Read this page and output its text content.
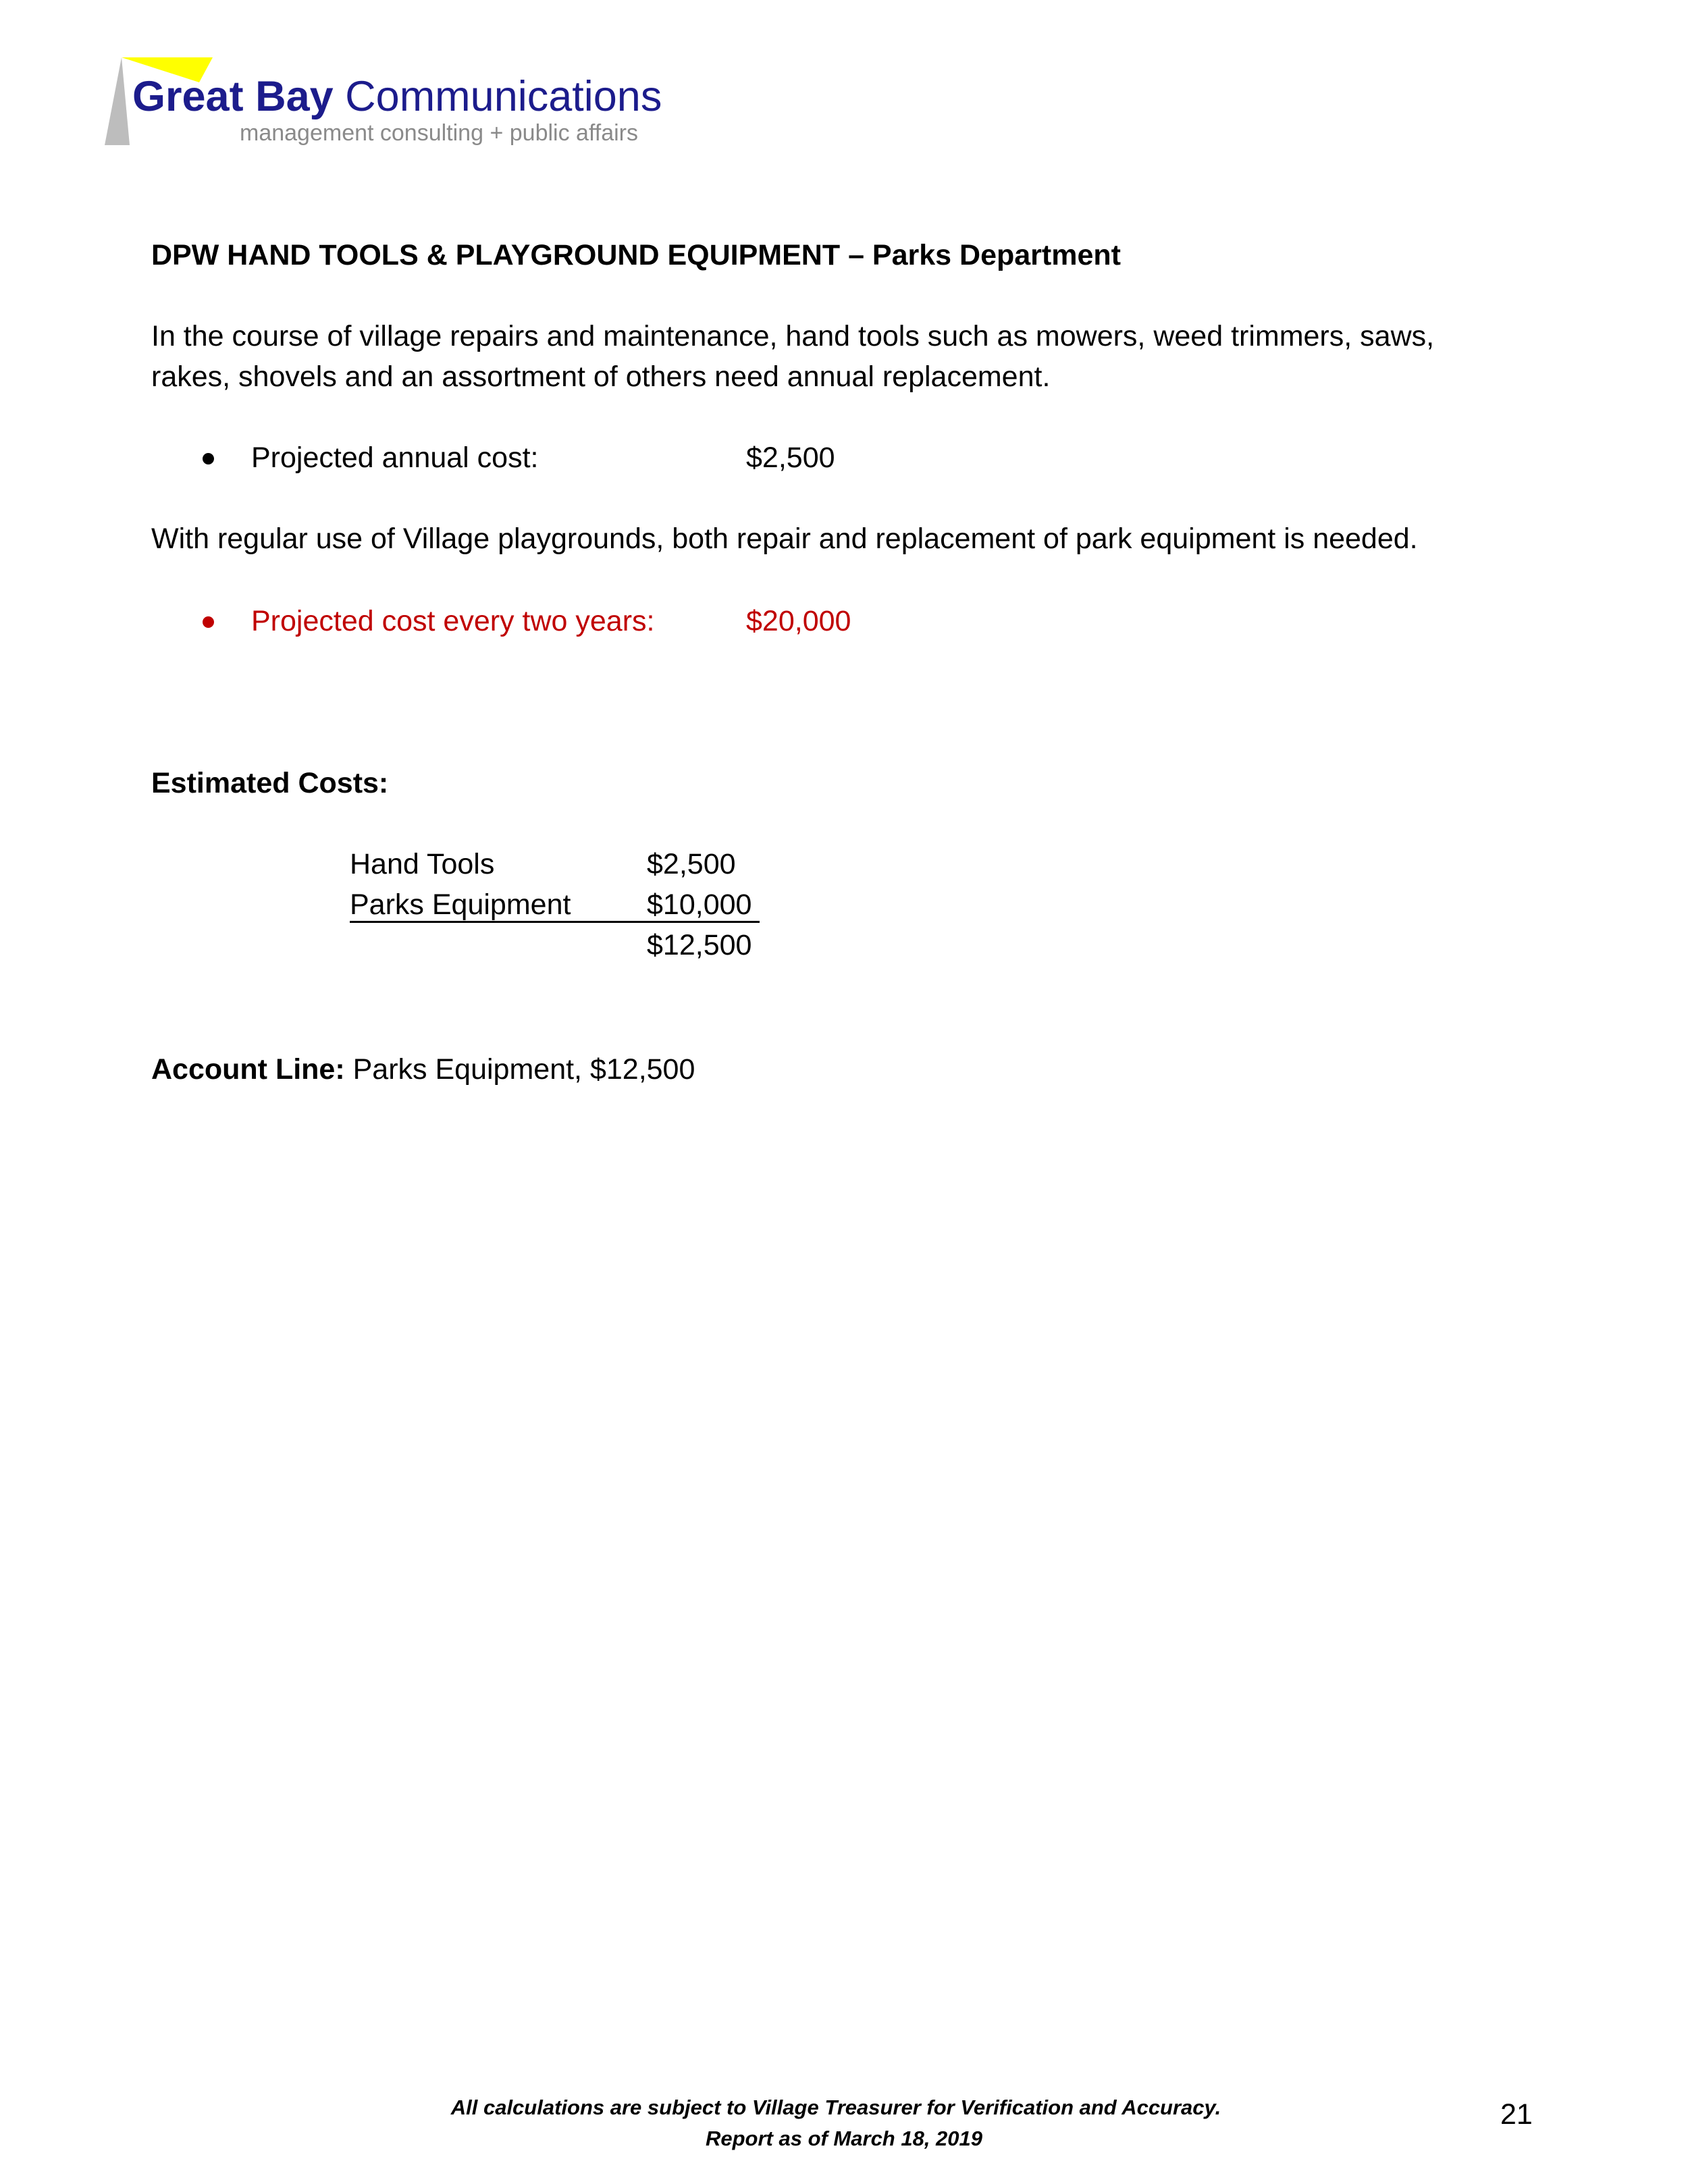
Great Bay Communications
management consulting + public affairs
DPW HAND TOOLS & PLAYGROUND EQUIPMENT – Parks Department
In the course of village repairs and maintenance, hand tools such as mowers, weed trimmers, saws,
rakes, shovels and an assortment of others need annual replacement.
Projected annual cost:	$2,500
With regular use of Village playgrounds, both repair and replacement of park equipment is needed.
Projected cost every two years:	$20,000
Estimated Costs:
Hand Tools	$2,500
Parks Equipment	$10,000
$12,500
Account Line: Parks Equipment, $12,500
All calculations are subject to Village Treasurer for Verification and Accuracy.
Report as of March 18, 2019
21
